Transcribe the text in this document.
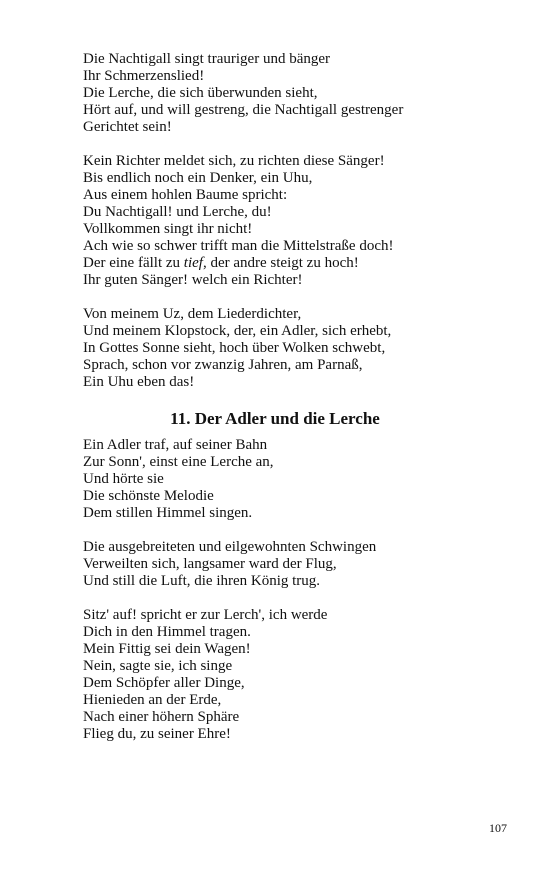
Die Nachtigall singt trauriger und bänger
Ihr Schmerzenslied!
Die Lerche, die sich überwunden sieht,
Hört auf, und will gestreng, die Nachtigall gestrenger
Gerichtet sein!
Kein Richter meldet sich, zu richten diese Sänger!
Bis endlich noch ein Denker, ein Uhu,
Aus einem hohlen Baume spricht:
Du Nachtigall! und Lerche, du!
Vollkommen singt ihr nicht!
Ach wie so schwer trifft man die Mittelstraße doch!
Der eine fällt zu tief, der andre steigt zu hoch!
Ihr guten Sänger! welch ein Richter!
Von meinem Uz, dem Liederdichter,
Und meinem Klopstock, der, ein Adler, sich erhebt,
In Gottes Sonne sieht, hoch über Wolken schwebt,
Sprach, schon vor zwanzig Jahren, am Parnaß,
Ein Uhu eben das!
11. Der Adler und die Lerche
Ein Adler traf, auf seiner Bahn
Zur Sonn', einst eine Lerche an,
Und hörte sie
Die schönste Melodie
Dem stillen Himmel singen.
Die ausgebreiteten und eilgewohnten Schwingen
Verweilten sich, langsamer ward der Flug,
Und still die Luft, die ihren König trug.
Sitz' auf! spricht er zur Lerch', ich werde
Dich in den Himmel tragen.
Mein Fittig sei dein Wagen!
Nein, sagte sie, ich singe
Dem Schöpfer aller Dinge,
Hienieden an der Erde,
Nach einer höhern Sphäre
Flieg du, zu seiner Ehre!
107
